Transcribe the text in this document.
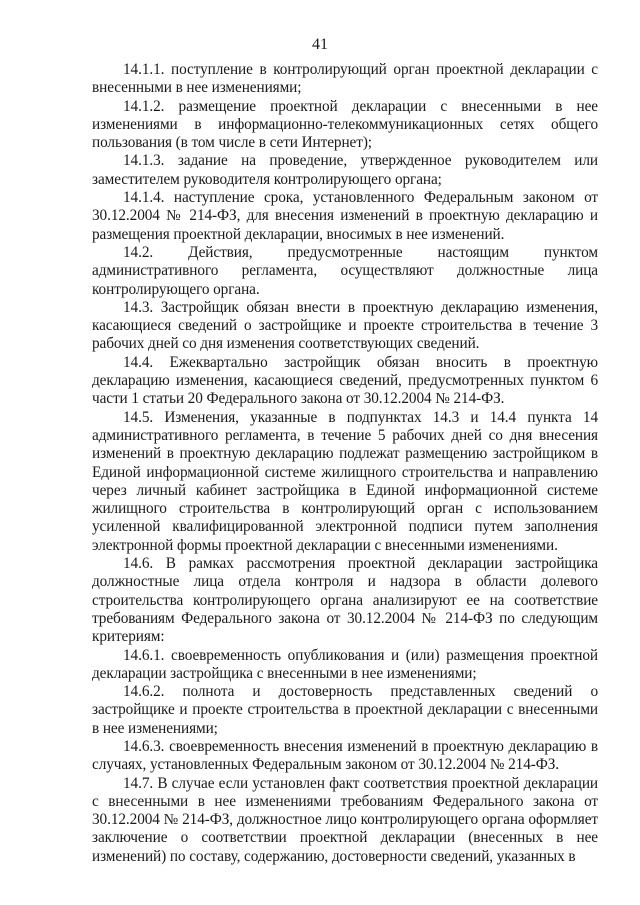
41

14.1.1. поступление в контролирующий орган проектной декларации с внесенными в нее изменениями;

14.1.2. размещение проектной декларации с внесенными в нее изменениями в информационно-телекоммуникационных сетях общего пользования (в том числе в сети Интернет);

14.1.3. задание на проведение, утвержденное руководителем или заместителем руководителя контролирующего органа;

14.1.4. наступление срока, установленного Федеральным законом от 30.12.2004 № 214-ФЗ, для внесения изменений в проектную декларацию и размещения проектной декларации, вносимых в нее изменений.

14.2. Действия, предусмотренные настоящим пунктом административного регламента, осуществляют должностные лица контролирующего органа.

14.3. Застройщик обязан внести в проектную декларацию изменения, касающиеся сведений о застройщике и проекте строительства в течение 3 рабочих дней со дня изменения соответствующих сведений.

14.4. Ежеквартально застройщик обязан вносить в проектную декларацию изменения, касающиеся сведений, предусмотренных пунктом 6 части 1 статьи 20 Федерального закона от 30.12.2004 № 214-ФЗ.

14.5. Изменения, указанные в подпунктах 14.3 и 14.4 пункта 14 административного регламента, в течение 5 рабочих дней со дня внесения изменений в проектную декларацию подлежат размещению застройщиком в Единой информационной системе жилищного строительства и направлению через личный кабинет застройщика в Единой информационной системе жилищного строительства в контролирующий орган с использованием усиленной квалифицированной электронной подписи путем заполнения электронной формы проектной декларации с внесенными изменениями.

14.6. В рамках рассмотрения проектной декларации застройщика должностные лица отдела контроля и надзора в области долевого строительства контролирующего органа анализируют ее на соответствие требованиям Федерального закона от 30.12.2004 № 214-ФЗ по следующим критериям:

14.6.1. своевременность опубликования и (или) размещения проектной декларации застройщика с внесенными в нее изменениями;

14.6.2. полнота и достоверность представленных сведений о застройщике и проекте строительства в проектной декларации с внесенными в нее изменениями;

14.6.3. своевременность внесения изменений в проектную декларацию в случаях, установленных Федеральным законом от 30.12.2004 № 214-ФЗ.

14.7. В случае если установлен факт соответствия проектной декларации с внесенными в нее изменениями требованиям Федерального закона от 30.12.2004 № 214-ФЗ, должностное лицо контролирующего органа оформляет заключение о соответствии проектной декларации (внесенных в нее изменений) по составу, содержанию, достоверности сведений, указанных в
